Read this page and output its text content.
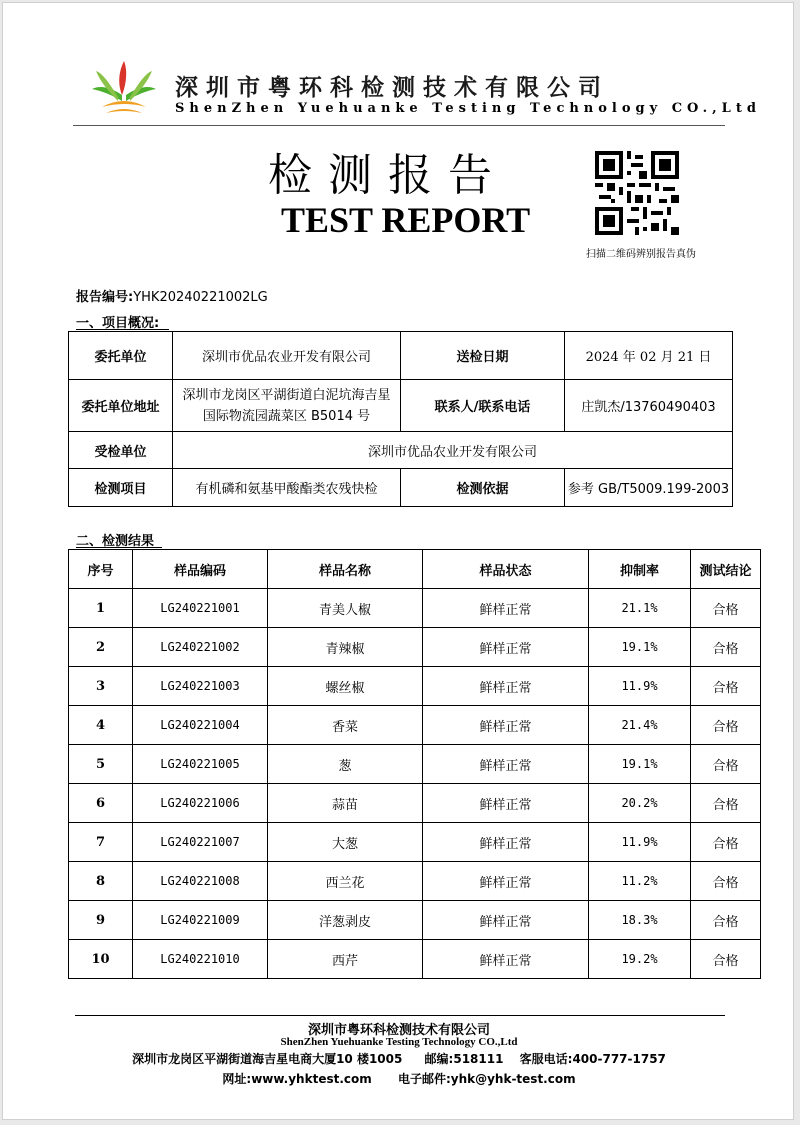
深圳市粤环科检测技术有限公司
ShenZhen Yuehuanke Testing Technology CO.,Ltd
检测报告
TEST REPORT
扫描二维码辨别报告真伪
报告编号:YHK20240221002LG
一、项目概况:
委托单位	深圳市优品农业开发有限公司	送检日期	2024 年 02 月 21 日
委托单位地址	深圳市龙岗区平湖街道白泥坑海吉星国际物流园蔬菜区 B5014 号	联系人/联系电话	庄凯杰/13760490403
受检单位	深圳市优品农业开发有限公司		
检测项目	有机磷和氨基甲酸酯类农残快检	检测依据	参考 GB/T5009.199-2003
二、检测结果
序号	样品编码	样品名称	样品状态	抑制率	测试结论
1	LG240221001	青美人椒	鲜样正常	21.1%	合格
2	LG240221002	青辣椒	鲜样正常	19.1%	合格
3	LG240221003	螺丝椒	鲜样正常	11.9%	合格
4	LG240221004	香菜	鲜样正常	21.4%	合格
5	LG240221005	葱	鲜样正常	19.1%	合格
6	LG240221006	蒜苗	鲜样正常	20.2%	合格
7	LG240221007	大葱	鲜样正常	11.9%	合格
8	LG240221008	西兰花	鲜样正常	11.2%	合格
9	LG240221009	洋葱剥皮	鲜样正常	18.3%	合格
10	LG240221010	西芹	鲜样正常	19.2%	合格
深圳市粤环科检测技术有限公司
ShenZhen Yuehuanke Testing Technology CO.,Ltd
深圳市龙岗区平湖街道海吉星电商大厦10 楼1005 邮编:518111 客服电话:400-777-1757
网址:www.yhktest.com 电子邮件:yhk@yhk-test.com
